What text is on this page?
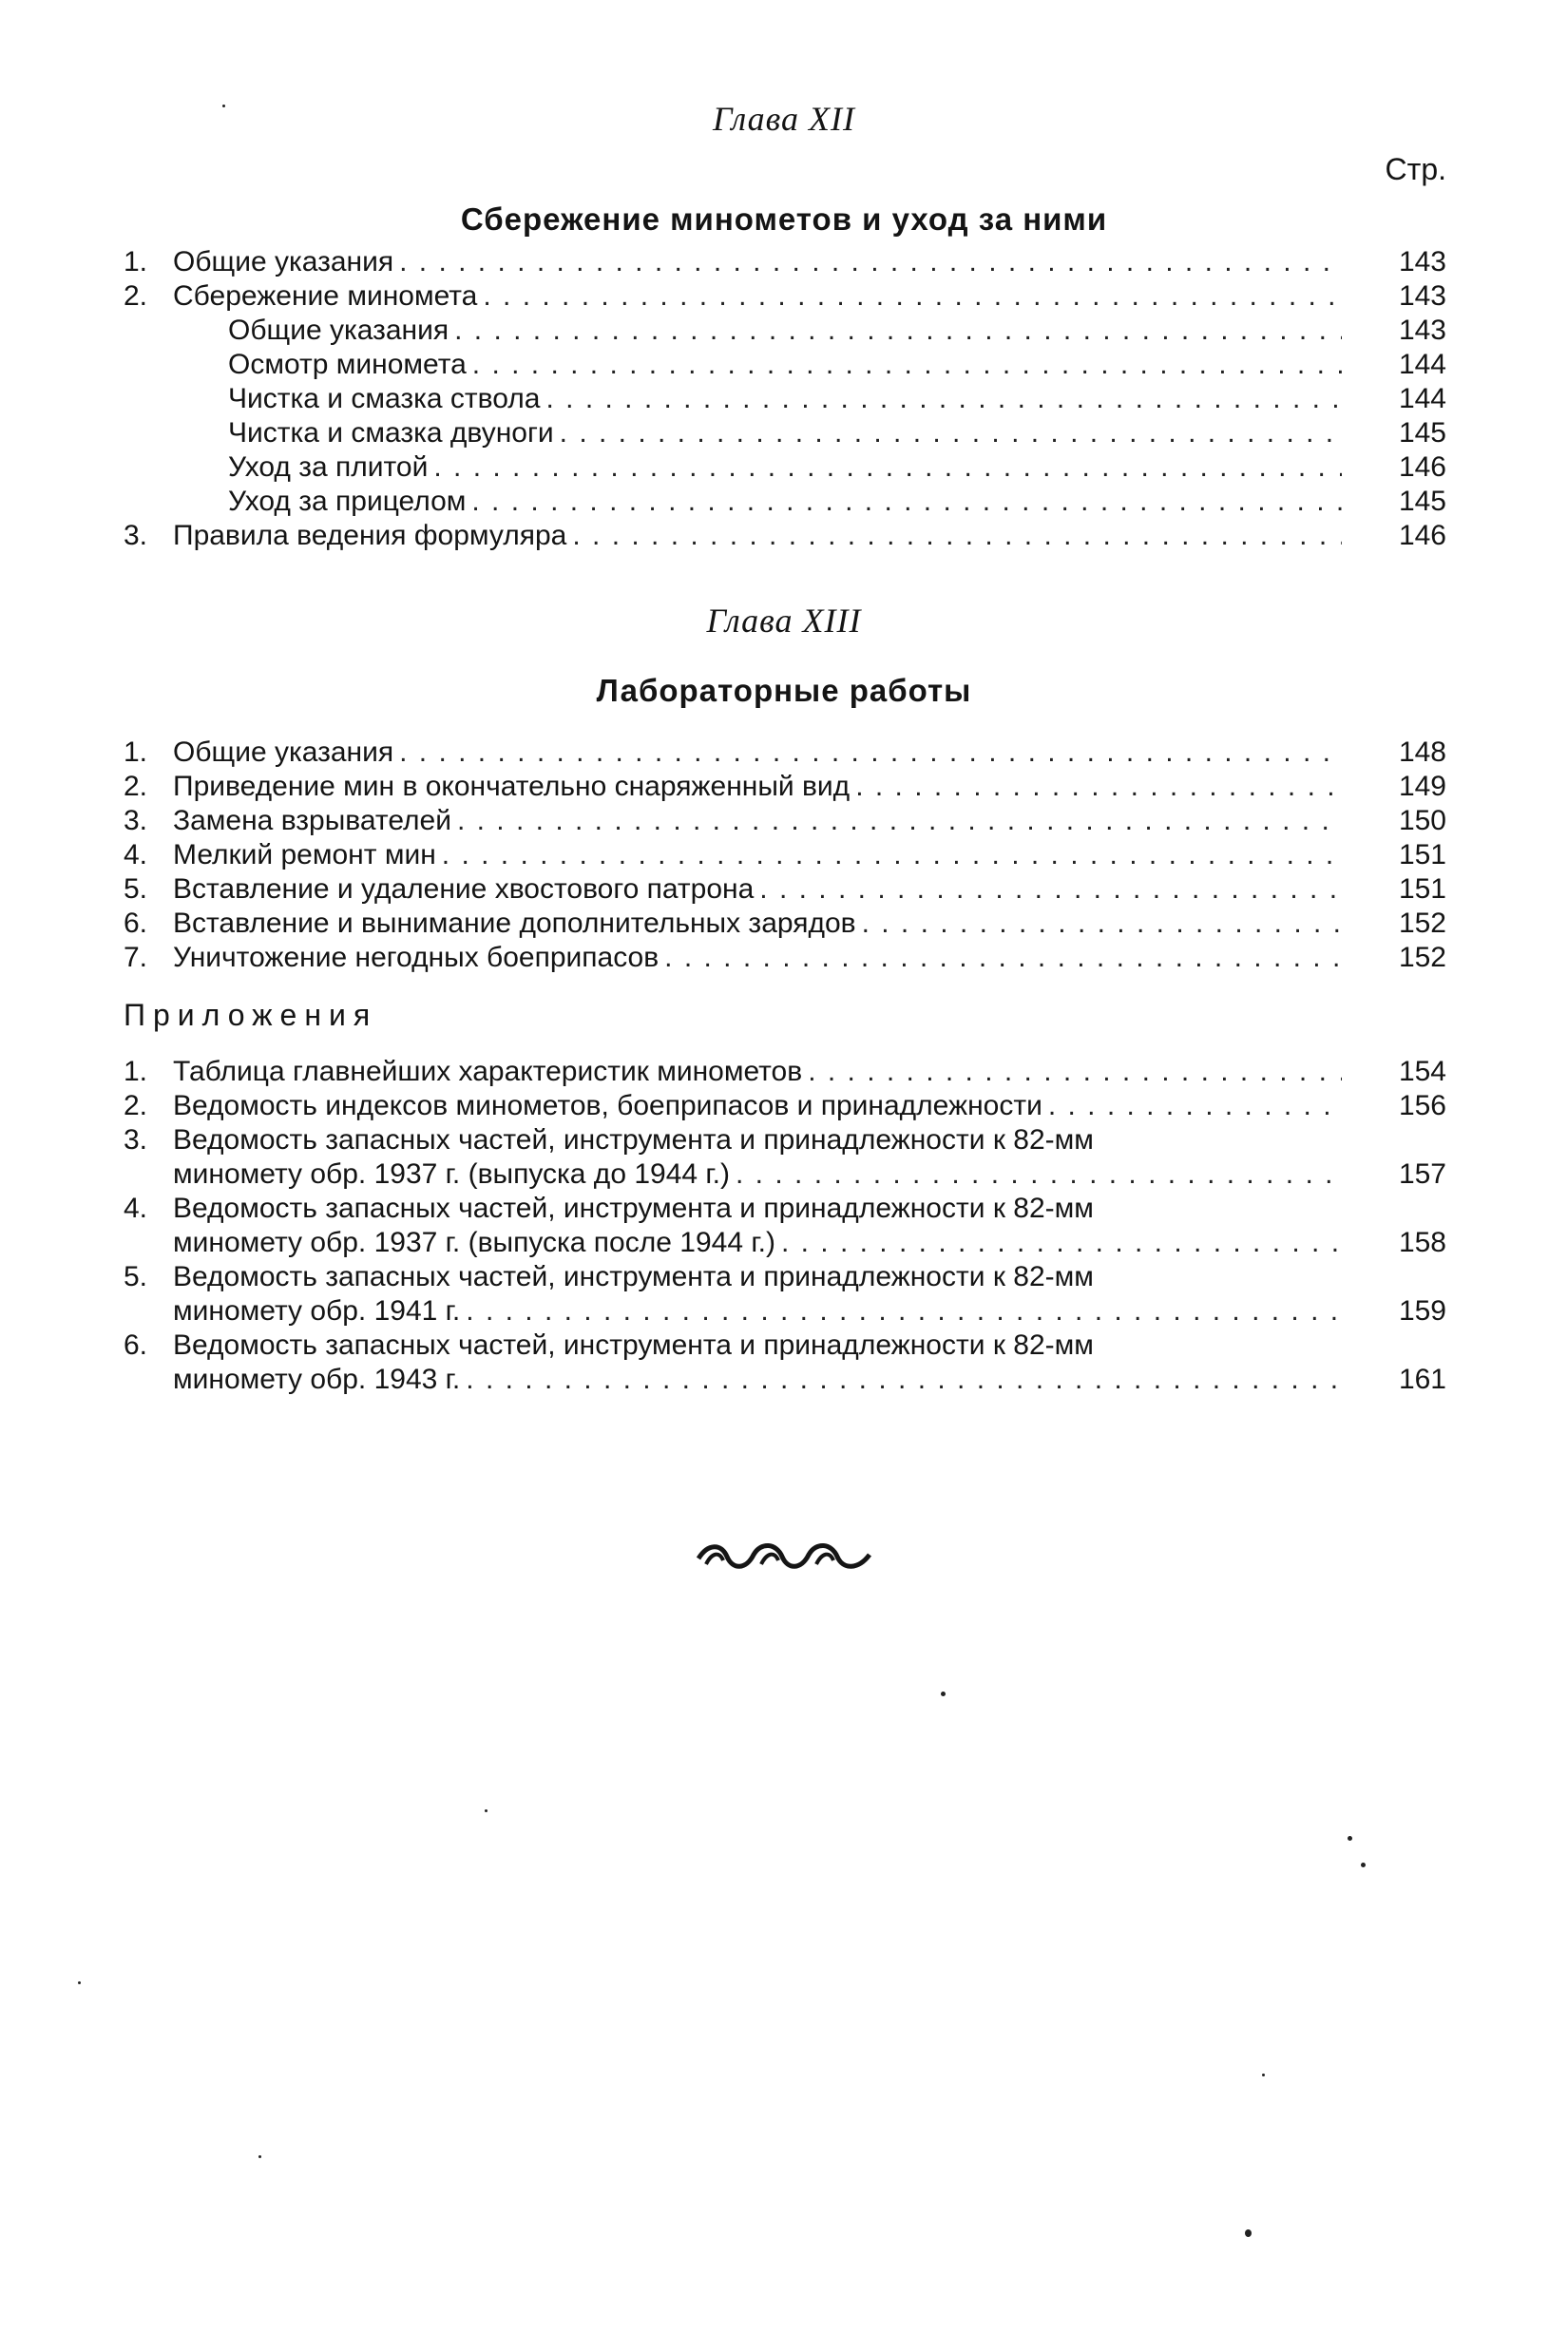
Глава XII
Стр.
Сбережение минометов и уход за ними
1. Общие указания . . .	143
2. Сбережение миномета . . .	143
Общие указания . . .	143
Осмотр миномета . . .	144
Чистка и смазка ствола . . .	144
Чистка и смазка двуноги . . .	145
Уход за плитой . . .	146
Уход за прицелом . . .	145
3. Правила ведения формуляра . . .	146
Глава XIII
Лабораторные работы
1. Общие указания . . .	148
2. Приведение мин в окончательно снаряженный вид . . .	149
3. Замена взрывателей . . .	150
4. Мелкий ремонт мин . . .	151
5. Вставление и удаление хвостового патрона . . .	151
6. Вставление и вынимание дополнительных зарядов . . .	152
7. Уничтожение негодных боеприпасов . . .	152
Приложения
1. Таблица главнейших характеристик минометов . . .	154
2. Ведомость индексов минометов, боеприпасов и принадлежности . . .	156
3. Ведомость запасных частей, инструмента и принадлежности к 82-мм
миномету обр. 1937 г. (выпуска до 1944 г.) . . .	157
4. Ведомость запасных частей, инструмента и принадлежности к 82-мм
миномету обр. 1937 г. (выпуска после 1944 г.) . . .	158
5. Ведомость запасных частей, инструмента и принадлежности к 82-мм
миномету обр. 1941 г. . . .	159
6. Ведомость запасных частей, инструмента и принадлежности к 82-мм
миномету обр. 1943 г. . . .	161
